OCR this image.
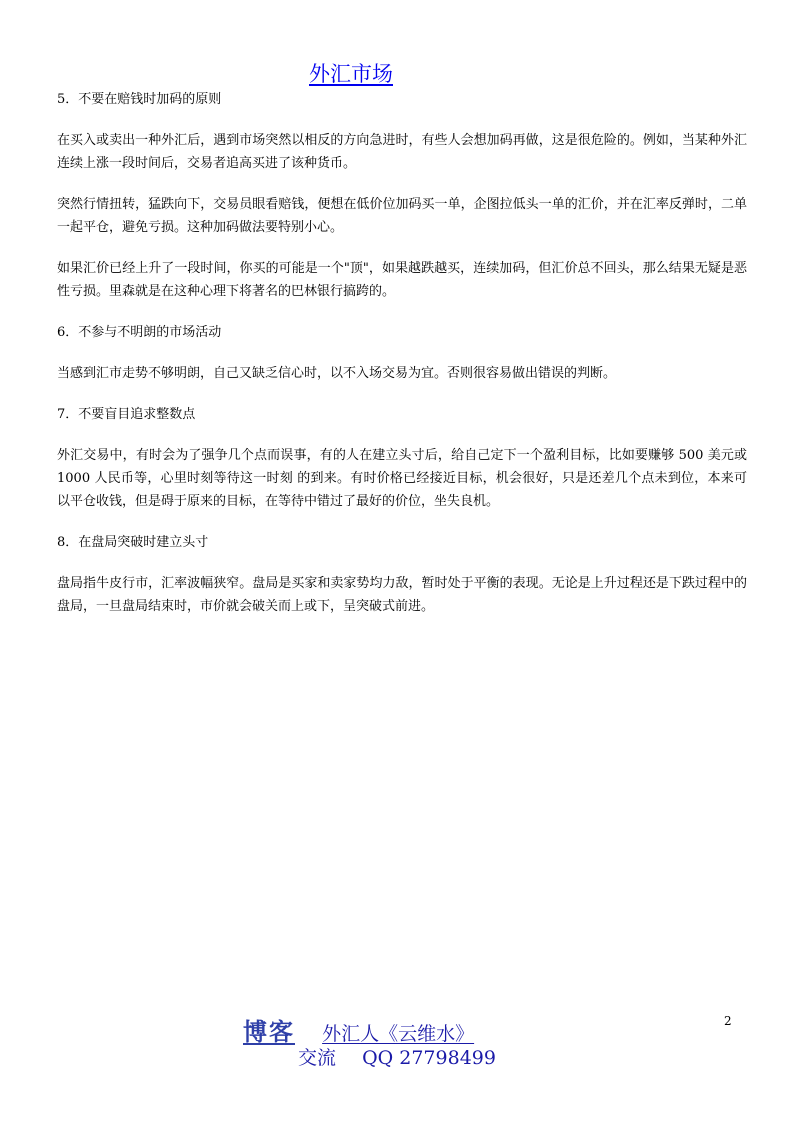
外汇市场

5．不要在赔钱时加码的原则

在买入或卖出一种外汇后，遇到市场突然以相反的方向急进时，有些人会想加码再做，这是很危险的。例如，当某种外汇连续上涨一段时间后，交易者追高买进了该种货币。

突然行情扭转，猛跌向下，交易员眼看赔钱，便想在低价位加码买一单，企图拉低头一单的汇价，并在汇率反弹时，二单一起平仓，避免亏损。这种加码做法要特别小心。

如果汇价已经上升了一段时间，你买的可能是一个"顶"，如果越跌越买，连续加码，但汇价总不回头，那么结果无疑是恶性亏损。里森就是在这种心理下将著名的巴林银行搞跨的。

6．不参与不明朗的市场活动

当感到汇市走势不够明朗，自己又缺乏信心时，以不入场交易为宜。否则很容易做出错误的判断。

7．不要盲目追求整数点

外汇交易中，有时会为了强争几个点而误事，有的人在建立头寸后，给自己定下一个盈利目标，比如要赚够 500 美元或 1000 人民币等，心里时刻等待这一时刻 的到来。有时价格已经接近目标，机会很好，只是还差几个点未到位，本来可以平仓收钱，但是碍于原来的目标，在等待中错过了最好的价位，坐失良机。

8．在盘局突破时建立头寸

盘局指牛皮行市，汇率波幅狭窄。盘局是买家和卖家势均力敌，暂时处于平衡的表现。无论是上升过程还是下跌过程中的盘局，一旦盘局结束时，市价就会破关而上或下，呈突破式前进。

2
博客 外汇人《云维水》
交流 QQ 27798499
